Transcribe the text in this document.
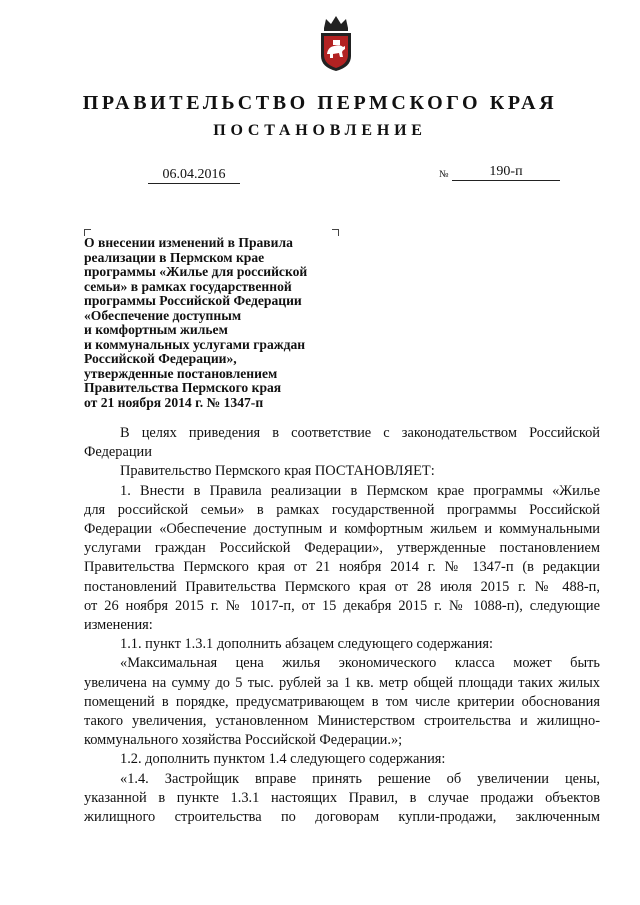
ПРАВИТЕЛЬСТВО ПЕРМСКОГО КРАЯ
ПОСТАНОВЛЕНИЕ
06.04.2016	№	190-п
О внесении изменений в Правила
реализации в Пермском крае
программы «Жилье для российской
семьи» в рамках государственной
программы Российской Федерации
«Обеспечение доступным
и комфортным жильем
и коммунальных услугами граждан
Российской Федерации»,
утвержденные постановлением
Правительства Пермского края
от 21 ноября 2014 г. № 1347-п
В целях приведения в соответствие с законодательством Российской
Федерации
Правительство Пермского края ПОСТАНОВЛЯЕТ:
1. Внести в Правила реализации в Пермском крае программы «Жилье
для российской семьи» в рамках государственной программы Российской
Федерации «Обеспечение доступным и комфортным жильем и коммунальными
услугами граждан Российской Федерации», утвержденные постановлением
Правительства Пермского края от 21 ноября 2014 г. № 1347-п (в редакции
постановлений Правительства Пермского края от 28 июля 2015 г. № 488-п,
от 26 ноября 2015 г. № 1017-п, от 15 декабря 2015 г. № 1088-п), следующие
изменения:
1.1. пункт 1.3.1 дополнить абзацем следующего содержания:
«Максимальная цена жилья экономического класса может быть
увеличена на сумму до 5 тыс. рублей за 1 кв. метр общей площади таких жилых
помещений в порядке, предусматривающем в том числе критерии обоснования
такого увеличения, установленном Министерством строительства и жилищно-
коммунального хозяйства Российской Федерации.»;
1.2. дополнить пунктом 1.4 следующего содержания:
«1.4. Застройщик вправе принять решение об увеличении цены,
указанной в пункте 1.3.1 настоящих Правил, в случае продажи объектов
жилищного строительства по договорам купли-продажи, заключенным
